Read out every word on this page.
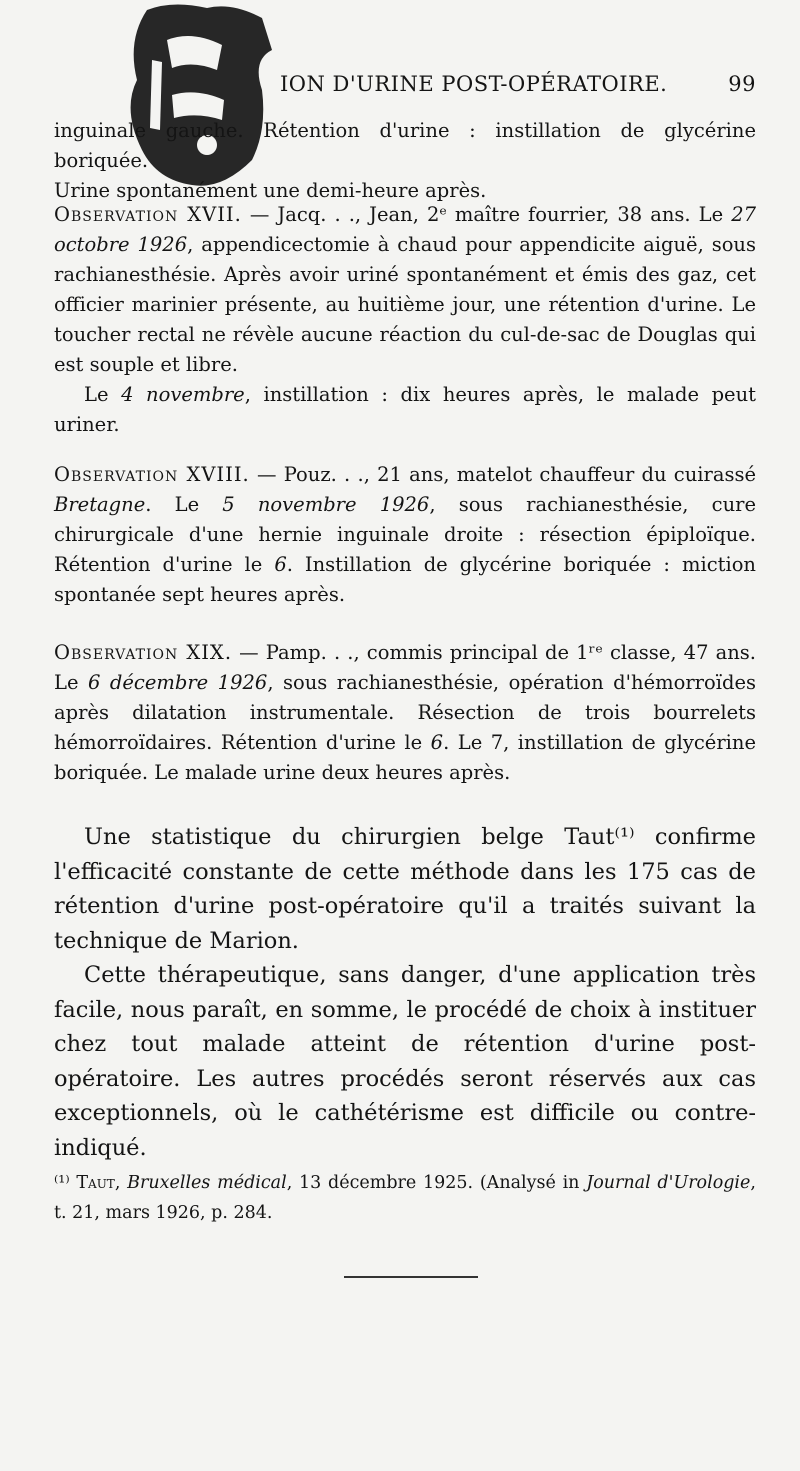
ION D'URINE POST-OPÉRATOIRE.	99

inguinale gauche. Rétention d'urine : instillation de glycérine boriquée.

Urine spontanément une demi-heure après.

Observation XVII. — Jacq. . ., Jean, 2ᵉ maître fourrier, 38 ans. Le 27 octobre 1926, appendicectomie à chaud pour appendicite aiguë, sous rachianesthésie. Après avoir uriné spontanément et émis des gaz, cet officier marinier présente, au huitième jour, une rétention d'urine. Le toucher rectal ne révèle aucune réaction du cul-de-sac de Douglas qui est souple et libre.

Le 4 novembre, instillation : dix heures après, le malade peut uriner.

Observation XVIII. — Pouz. . ., 21 ans, matelot chauffeur du cuirassé Bretagne. Le 5 novembre 1926, sous rachianesthésie, cure chirurgicale d'une hernie inguinale droite : résection épiploïque. Rétention d'urine le 6. Instillation de glycérine boriquée : miction spontanée sept heures après.

Observation XIX. — Pamp. . ., commis principal de 1ʳᵉ classe, 47 ans. Le 6 décembre 1926, sous rachianesthésie, opération d'hémorroïdes après dilatation instrumentale. Résection de trois bourrelets hémorroïdaires. Rétention d'urine le 6. Le 7, instillation de glycérine boriquée. Le malade urine deux heures après.

Une statistique du chirurgien belge Taut⁽¹⁾ confirme l'efficacité constante de cette méthode dans les 175 cas de rétention d'urine post-opératoire qu'il a traités suivant la technique de Marion.

Cette thérapeutique, sans danger, d'une application très facile, nous paraît, en somme, le procédé de choix à instituer chez tout malade atteint de rétention d'urine post-opératoire. Les autres procédés seront réservés aux cas exceptionnels, où le cathétérisme est difficile ou contre-indiqué.

⁽¹⁾ Taut, Bruxelles médical, 13 décembre 1925. (Analysé in Journal d'Urologie, t. 21, mars 1926, p. 284.
